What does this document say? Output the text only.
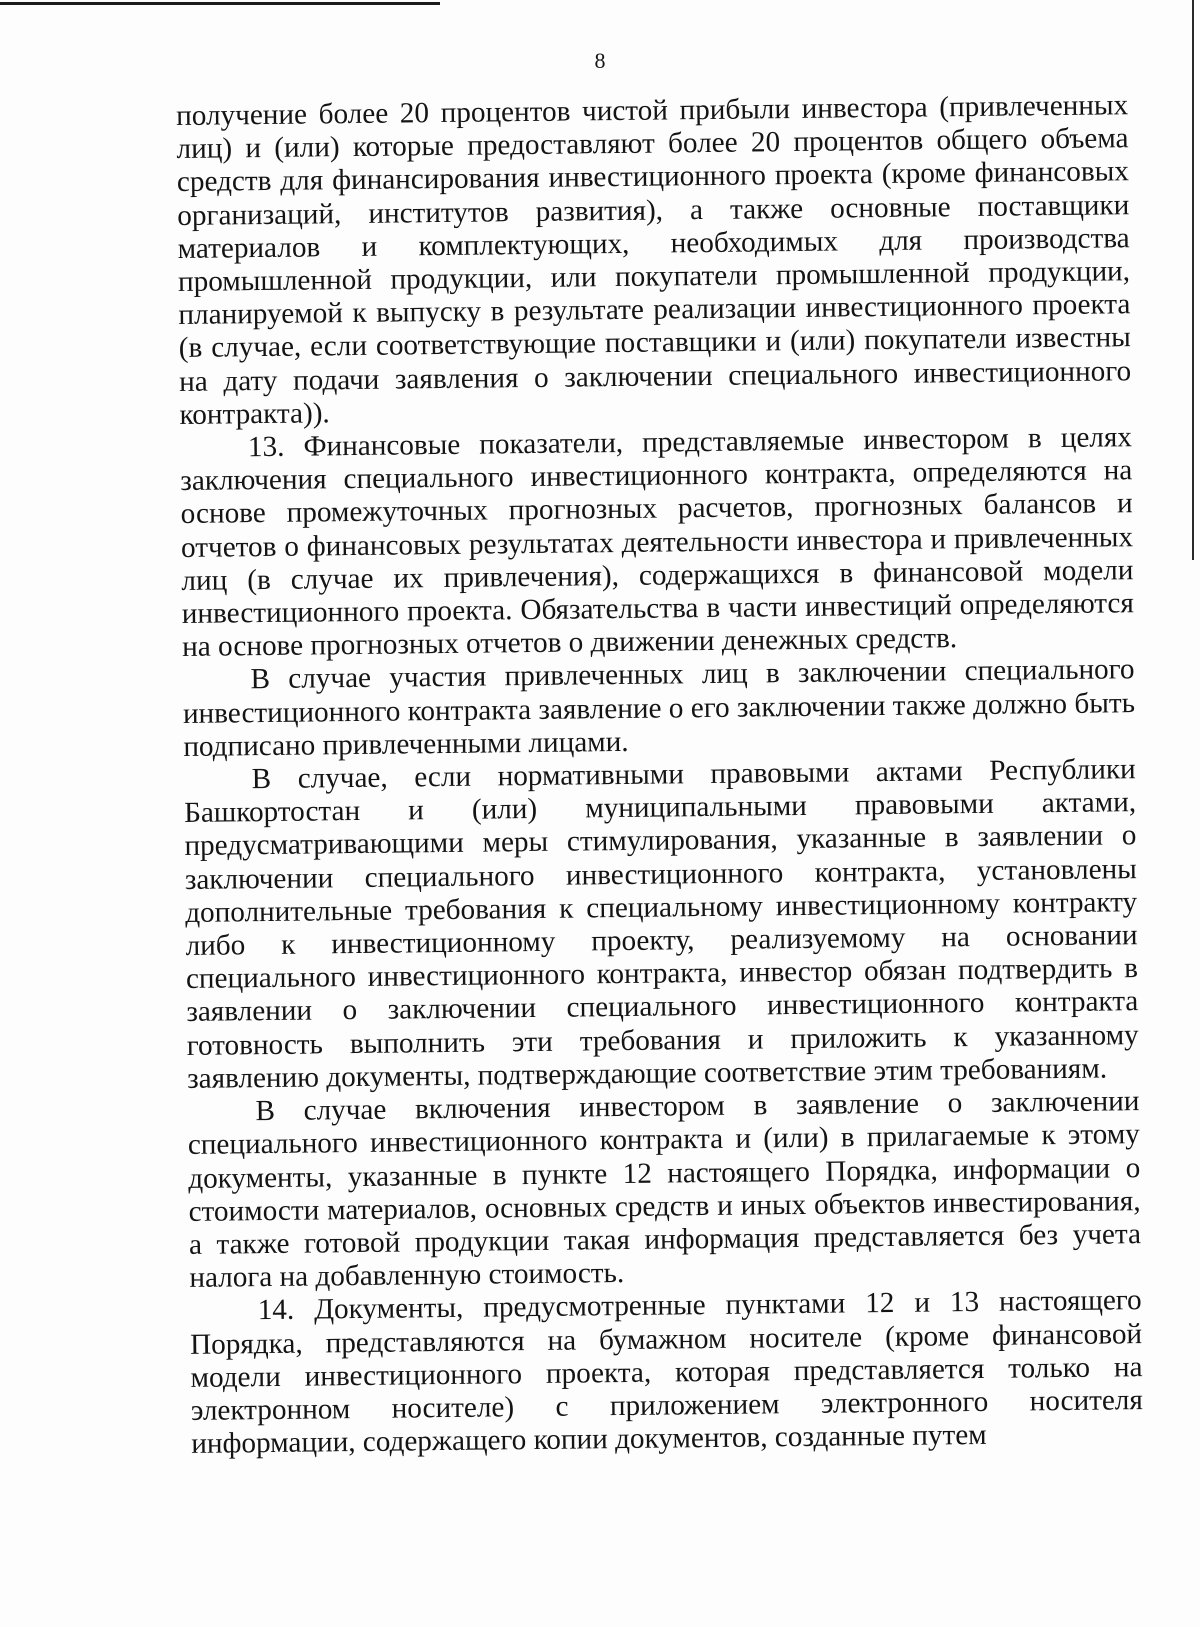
8

получение более 20 процентов чистой прибыли инвестора (привлеченных лиц) и (или) которые предоставляют более 20 процентов общего объема средств для финансирования инвестиционного проекта (кроме финансовых организаций, институтов развития), а также основные поставщики материалов и комплектующих, необходимых для производства промышленной продукции, или покупатели промышленной продукции, планируемой к выпуску в результате реализации инвестиционного проекта (в случае, если соответствующие поставщики и (или) покупатели известны на дату подачи заявления о заключении специального инвестиционного контракта)).

13. Финансовые показатели, представляемые инвестором в целях заключения специального инвестиционного контракта, определяются на основе промежуточных прогнозных расчетов, прогнозных балансов и отчетов о финансовых результатах деятельности инвестора и привлеченных лиц (в случае их привлечения), содержащихся в финансовой модели инвестиционного проекта. Обязательства в части инвестиций определяются на основе прогнозных отчетов о движении денежных средств.

В случае участия привлеченных лиц в заключении специального инвестиционного контракта заявление о его заключении также должно быть подписано привлеченными лицами.

В случае, если нормативными правовыми актами Республики Башкортостан и (или) муниципальными правовыми актами, предусматривающими меры стимулирования, указанные в заявлении о заключении специального инвестиционного контракта, установлены дополнительные требования к специальному инвестиционному контракту либо к инвестиционному проекту, реализуемому на основании специального инвестиционного контракта, инвестор обязан подтвердить в заявлении о заключении специального инвестиционного контракта готовность выполнить эти требования и приложить к указанному заявлению документы, подтверждающие соответствие этим требованиям.

В случае включения инвестором в заявление о заключении специального инвестиционного контракта и (или) в прилагаемые к этому документы, указанные в пункте 12 настоящего Порядка, информации о стоимости материалов, основных средств и иных объектов инвестирования, а также готовой продукции такая информация представляется без учета налога на добавленную стоимость.

14. Документы, предусмотренные пунктами 12 и 13 настоящего Порядка, представляются на бумажном носителе (кроме финансовой модели инвестиционного проекта, которая представляется только на электронном носителе) с приложением электронного носителя информации, содержащего копии документов, созданные путем
